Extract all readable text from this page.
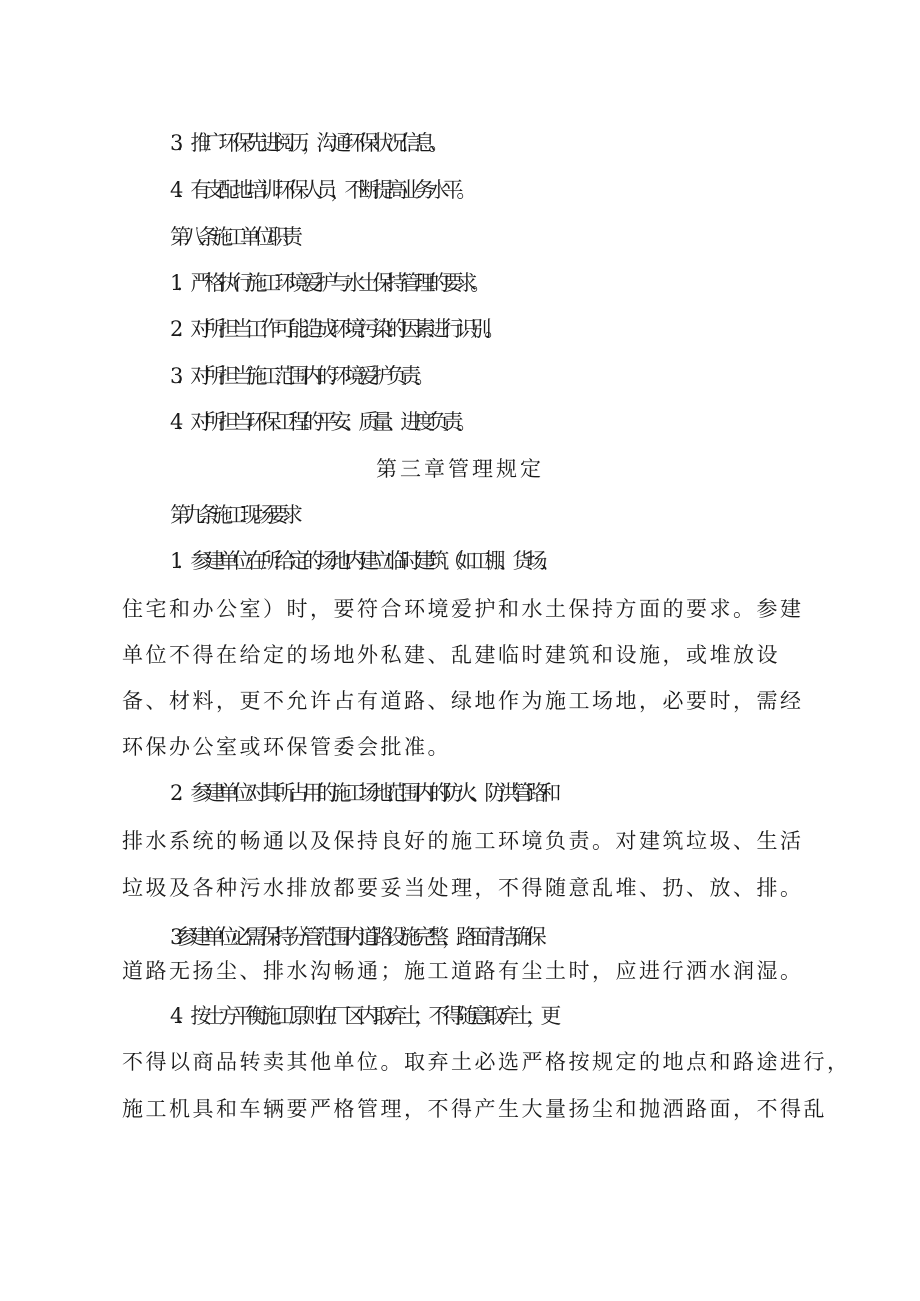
3．推广环保先进阅历，沟通环保状况信息。
4．有支配地培训环保人员，不断提高业务水平。
第八条施工单位职责
1．严格执行施工环境爱护与水土保持管理的要求。
2．对所担当工作可能造成环境污染的因素进行识别。
3．对所担当施工范围内的环境爱护负责。
4．对所担当环保工程的平安、质量、进度负责。
第三章管理规定
第九条施工现场要求
1．参建单位在所给定的场地内建立临时建筑（如工棚、货场、
住宅和办公室）时，要符合环境爱护和水土保持方面的要求。参建
单位不得在给定的场地外私建、乱建临时建筑和设施，或堆放设
备、材料，更不允许占有道路、绿地作为施工场地，必要时，需经
环保办公室或环保管委会批准。
2．参建单位对其所占用的施工场地范围内的防火、防洪管路和
排水系统的畅通以及保持良好的施工环境负责。对建筑垃圾、生活
垃圾及各种污水排放都要妥当处理，不得随意乱堆、扔、放、排。
3.参建单位必需保持分管范围内道路设施完整，路面清洁,确保
道路无扬尘、排水沟畅通；施工道路有尘土时，应进行洒水润湿。
4．按土方平衡施工原则在厂区内取弃土，不得随意取弃土，更
不得以商品转卖其他单位。取弃土必选严格按规定的地点和路途进行，
施工机具和车辆要严格管理，不得产生大量扬尘和抛洒路面，不得乱
